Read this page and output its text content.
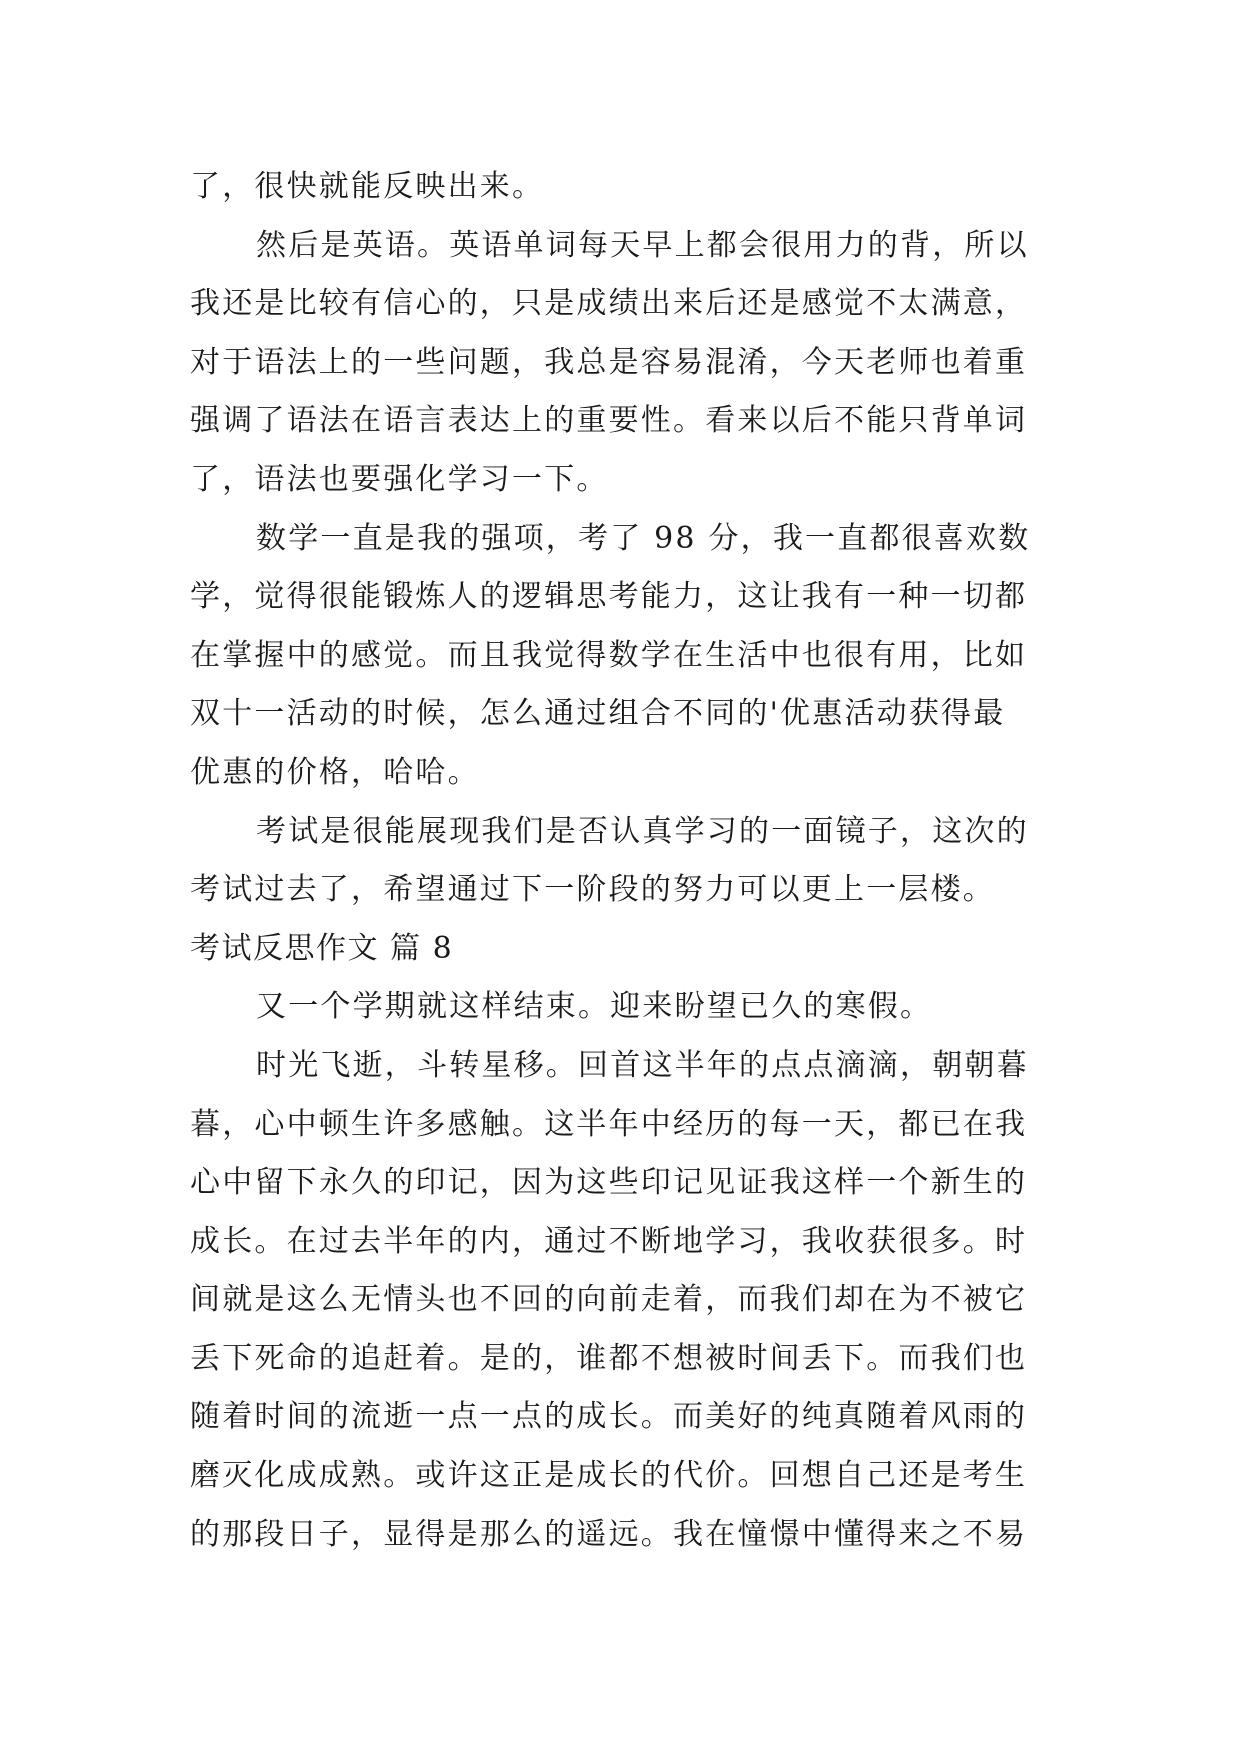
了，很快就能反映出来。
然后是英语。英语单词每天早上都会很用力的背，所以
我还是比较有信心的，只是成绩出来后还是感觉不太满意，
对于语法上的一些问题，我总是容易混淆，今天老师也着重
强调了语法在语言表达上的重要性。看来以后不能只背单词
了，语法也要强化学习一下。
数学一直是我的强项，考了 98 分，我一直都很喜欢数
学，觉得很能锻炼人的逻辑思考能力，这让我有一种一切都
在掌握中的感觉。而且我觉得数学在生活中也很有用，比如
双十一活动的时候，怎么通过组合不同的'优惠活动获得最
优惠的价格，哈哈。
考试是很能展现我们是否认真学习的一面镜子，这次的
考试过去了，希望通过下一阶段的努力可以更上一层楼。
考试反思作文 篇 8
又一个学期就这样结束。迎来盼望已久的寒假。
时光飞逝，斗转星移。回首这半年的点点滴滴，朝朝暮
暮，心中顿生许多感触。这半年中经历的每一天，都已在我
心中留下永久的印记，因为这些印记见证我这样一个新生的
成长。在过去半年的内，通过不断地学习，我收获很多。时
间就是这么无情头也不回的向前走着，而我们却在为不被它
丢下死命的追赶着。是的，谁都不想被时间丢下。而我们也
随着时间的流逝一点一点的成长。而美好的纯真随着风雨的
磨灭化成成熟。或许这正是成长的代价。回想自己还是考生
的那段日子，显得是那么的遥远。我在憧憬中懂得来之不易
